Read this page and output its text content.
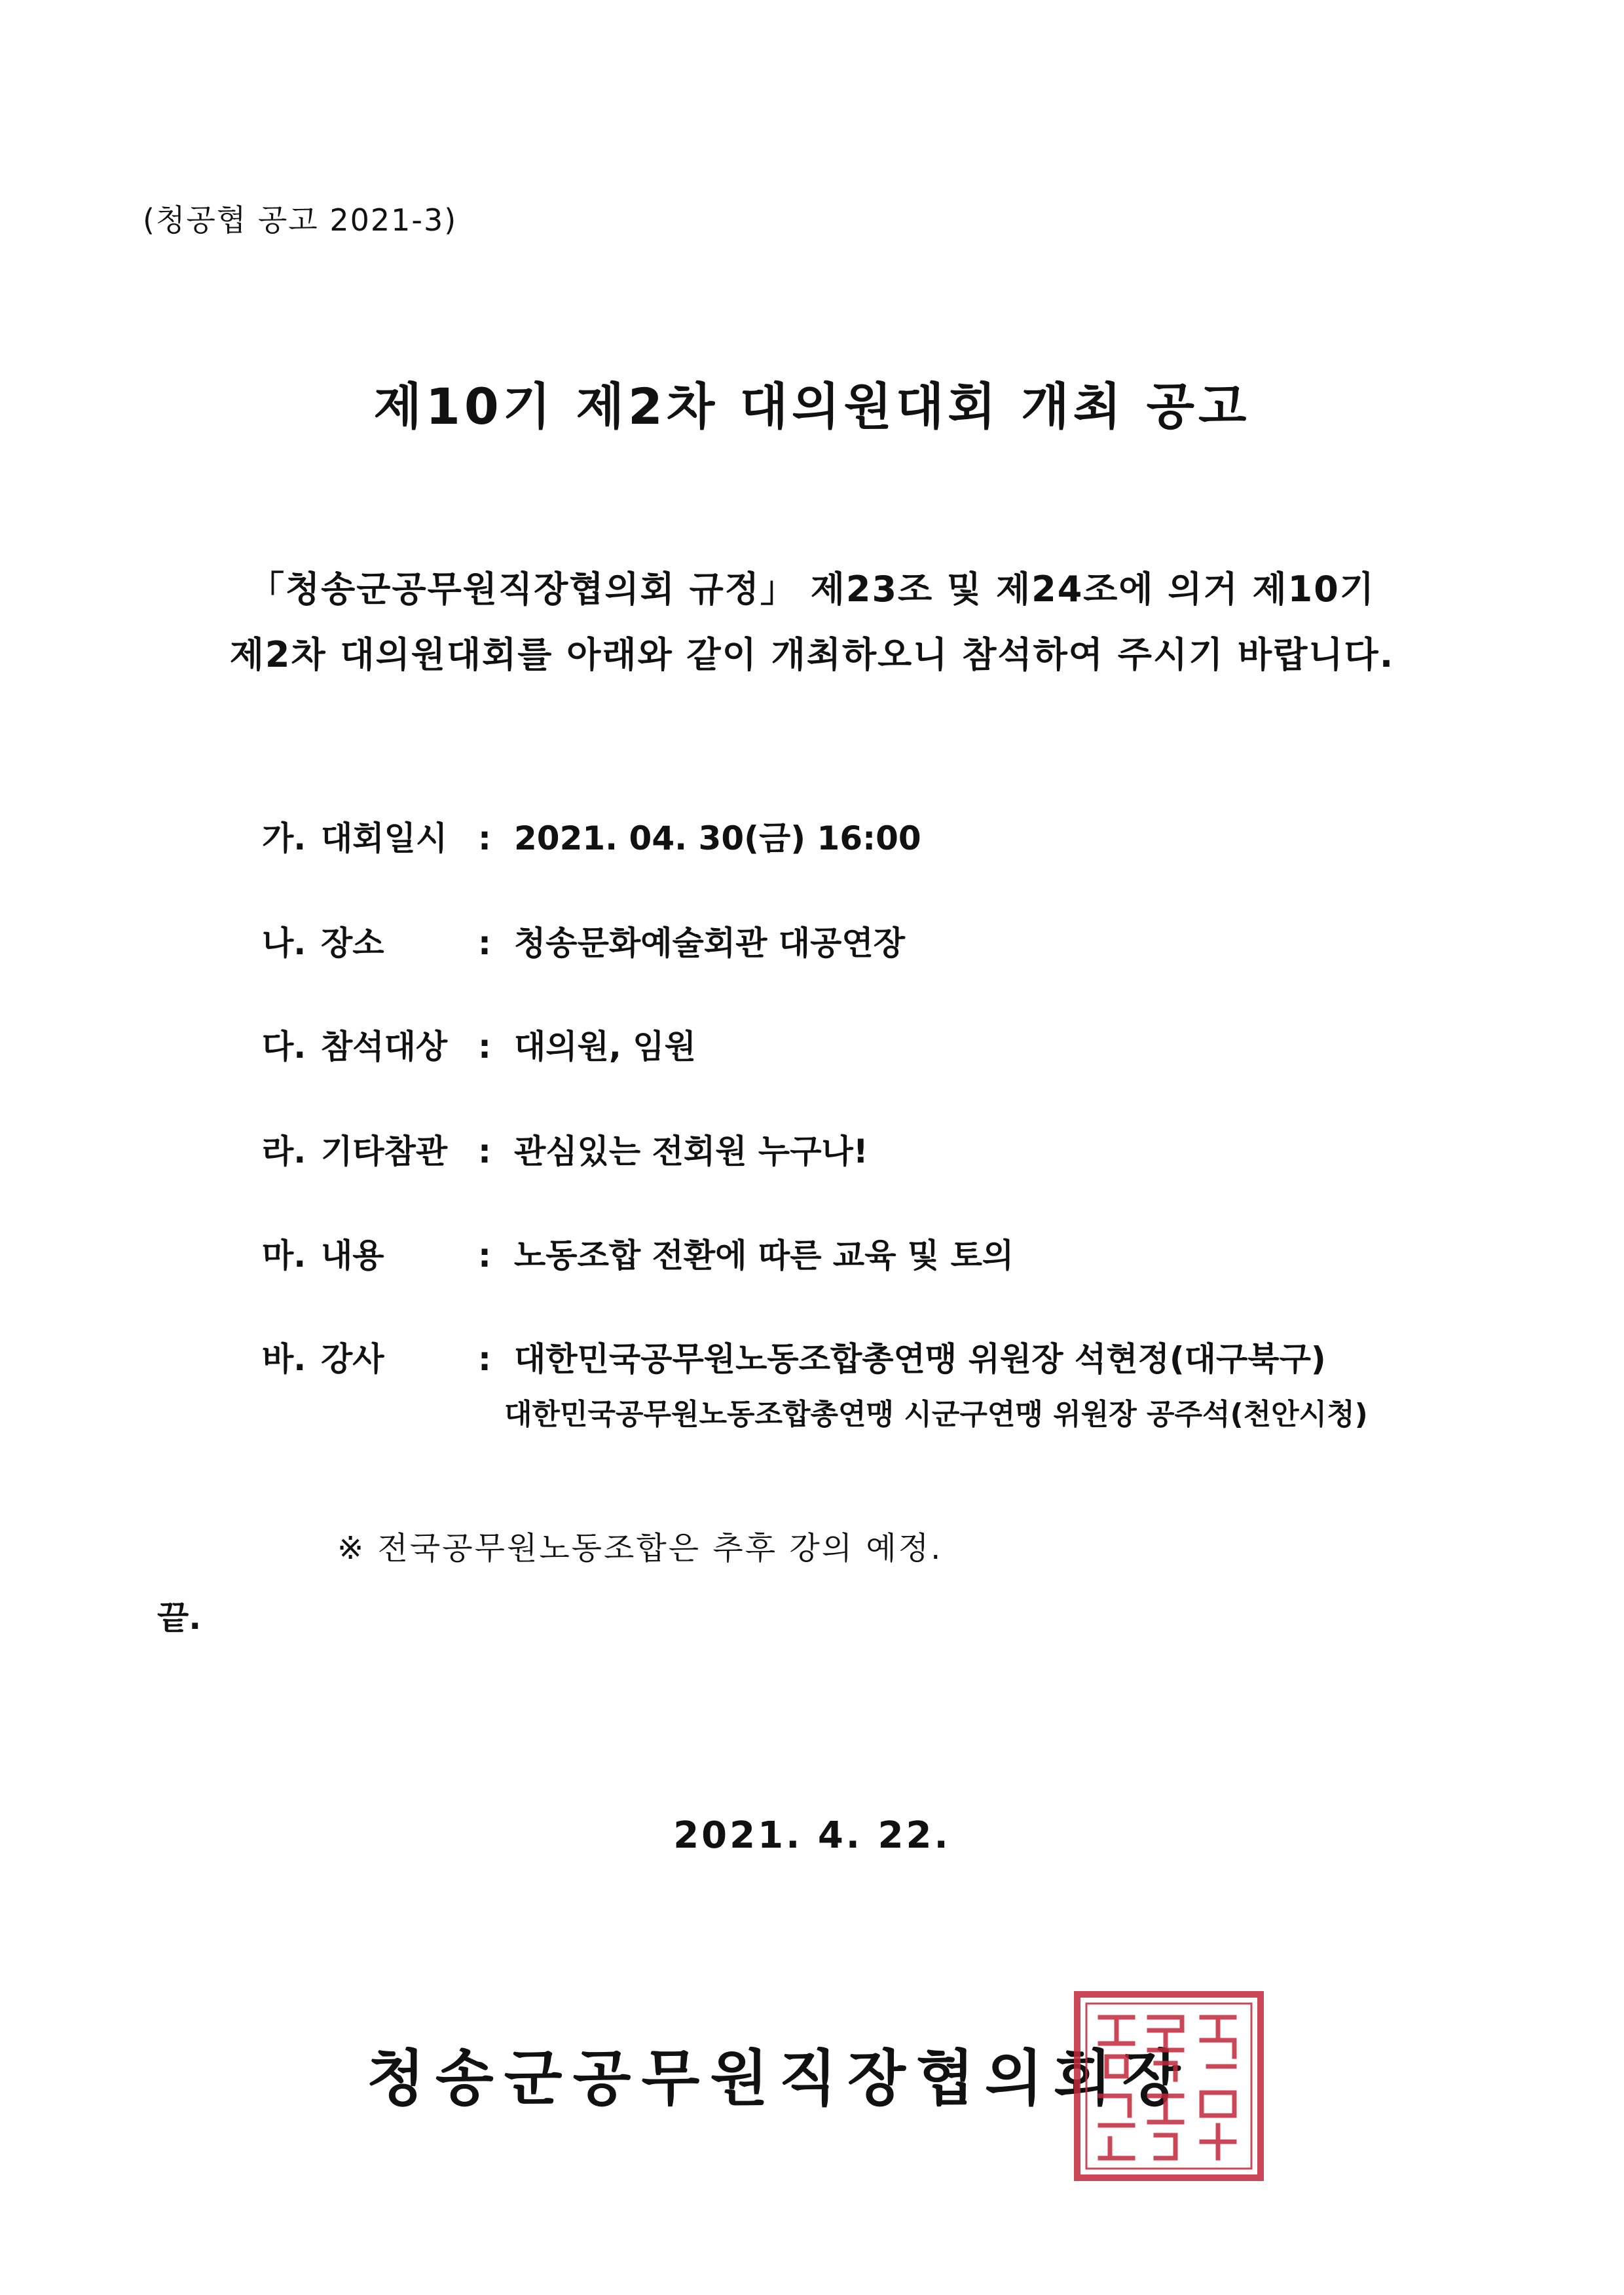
(청공협 공고 2021-3)
제10기 제2차 대의원대회 개최 공고
「청송군공무원직장협의회 규정」 제23조 및 제24조에 의거 제10기
제2차 대의원대회를 아래와 같이 개최하오니 참석하여 주시기 바랍니다.
가. 대회일시 : 2021. 04. 30(금) 16:00
나. 장소	: 청송문화예술회관 대공연장
다. 참석대상 : 대의원, 임원
라. 기타참관 : 관심있는 전회원 누구나!
마. 내용	: 노동조합 전환에 따른 교육 및 토의
바. 강사	: 대한민국공무원노동조합총연맹 위원장 석현정(대구북구)
대한민국공무원노동조합총연맹 시군구연맹 위원장 공주석(천안시청)
※ 전국공무원노동조합은 추후 강의 예정.
끝.
2021. 4. 22.
청송군공무원직장협의회장
